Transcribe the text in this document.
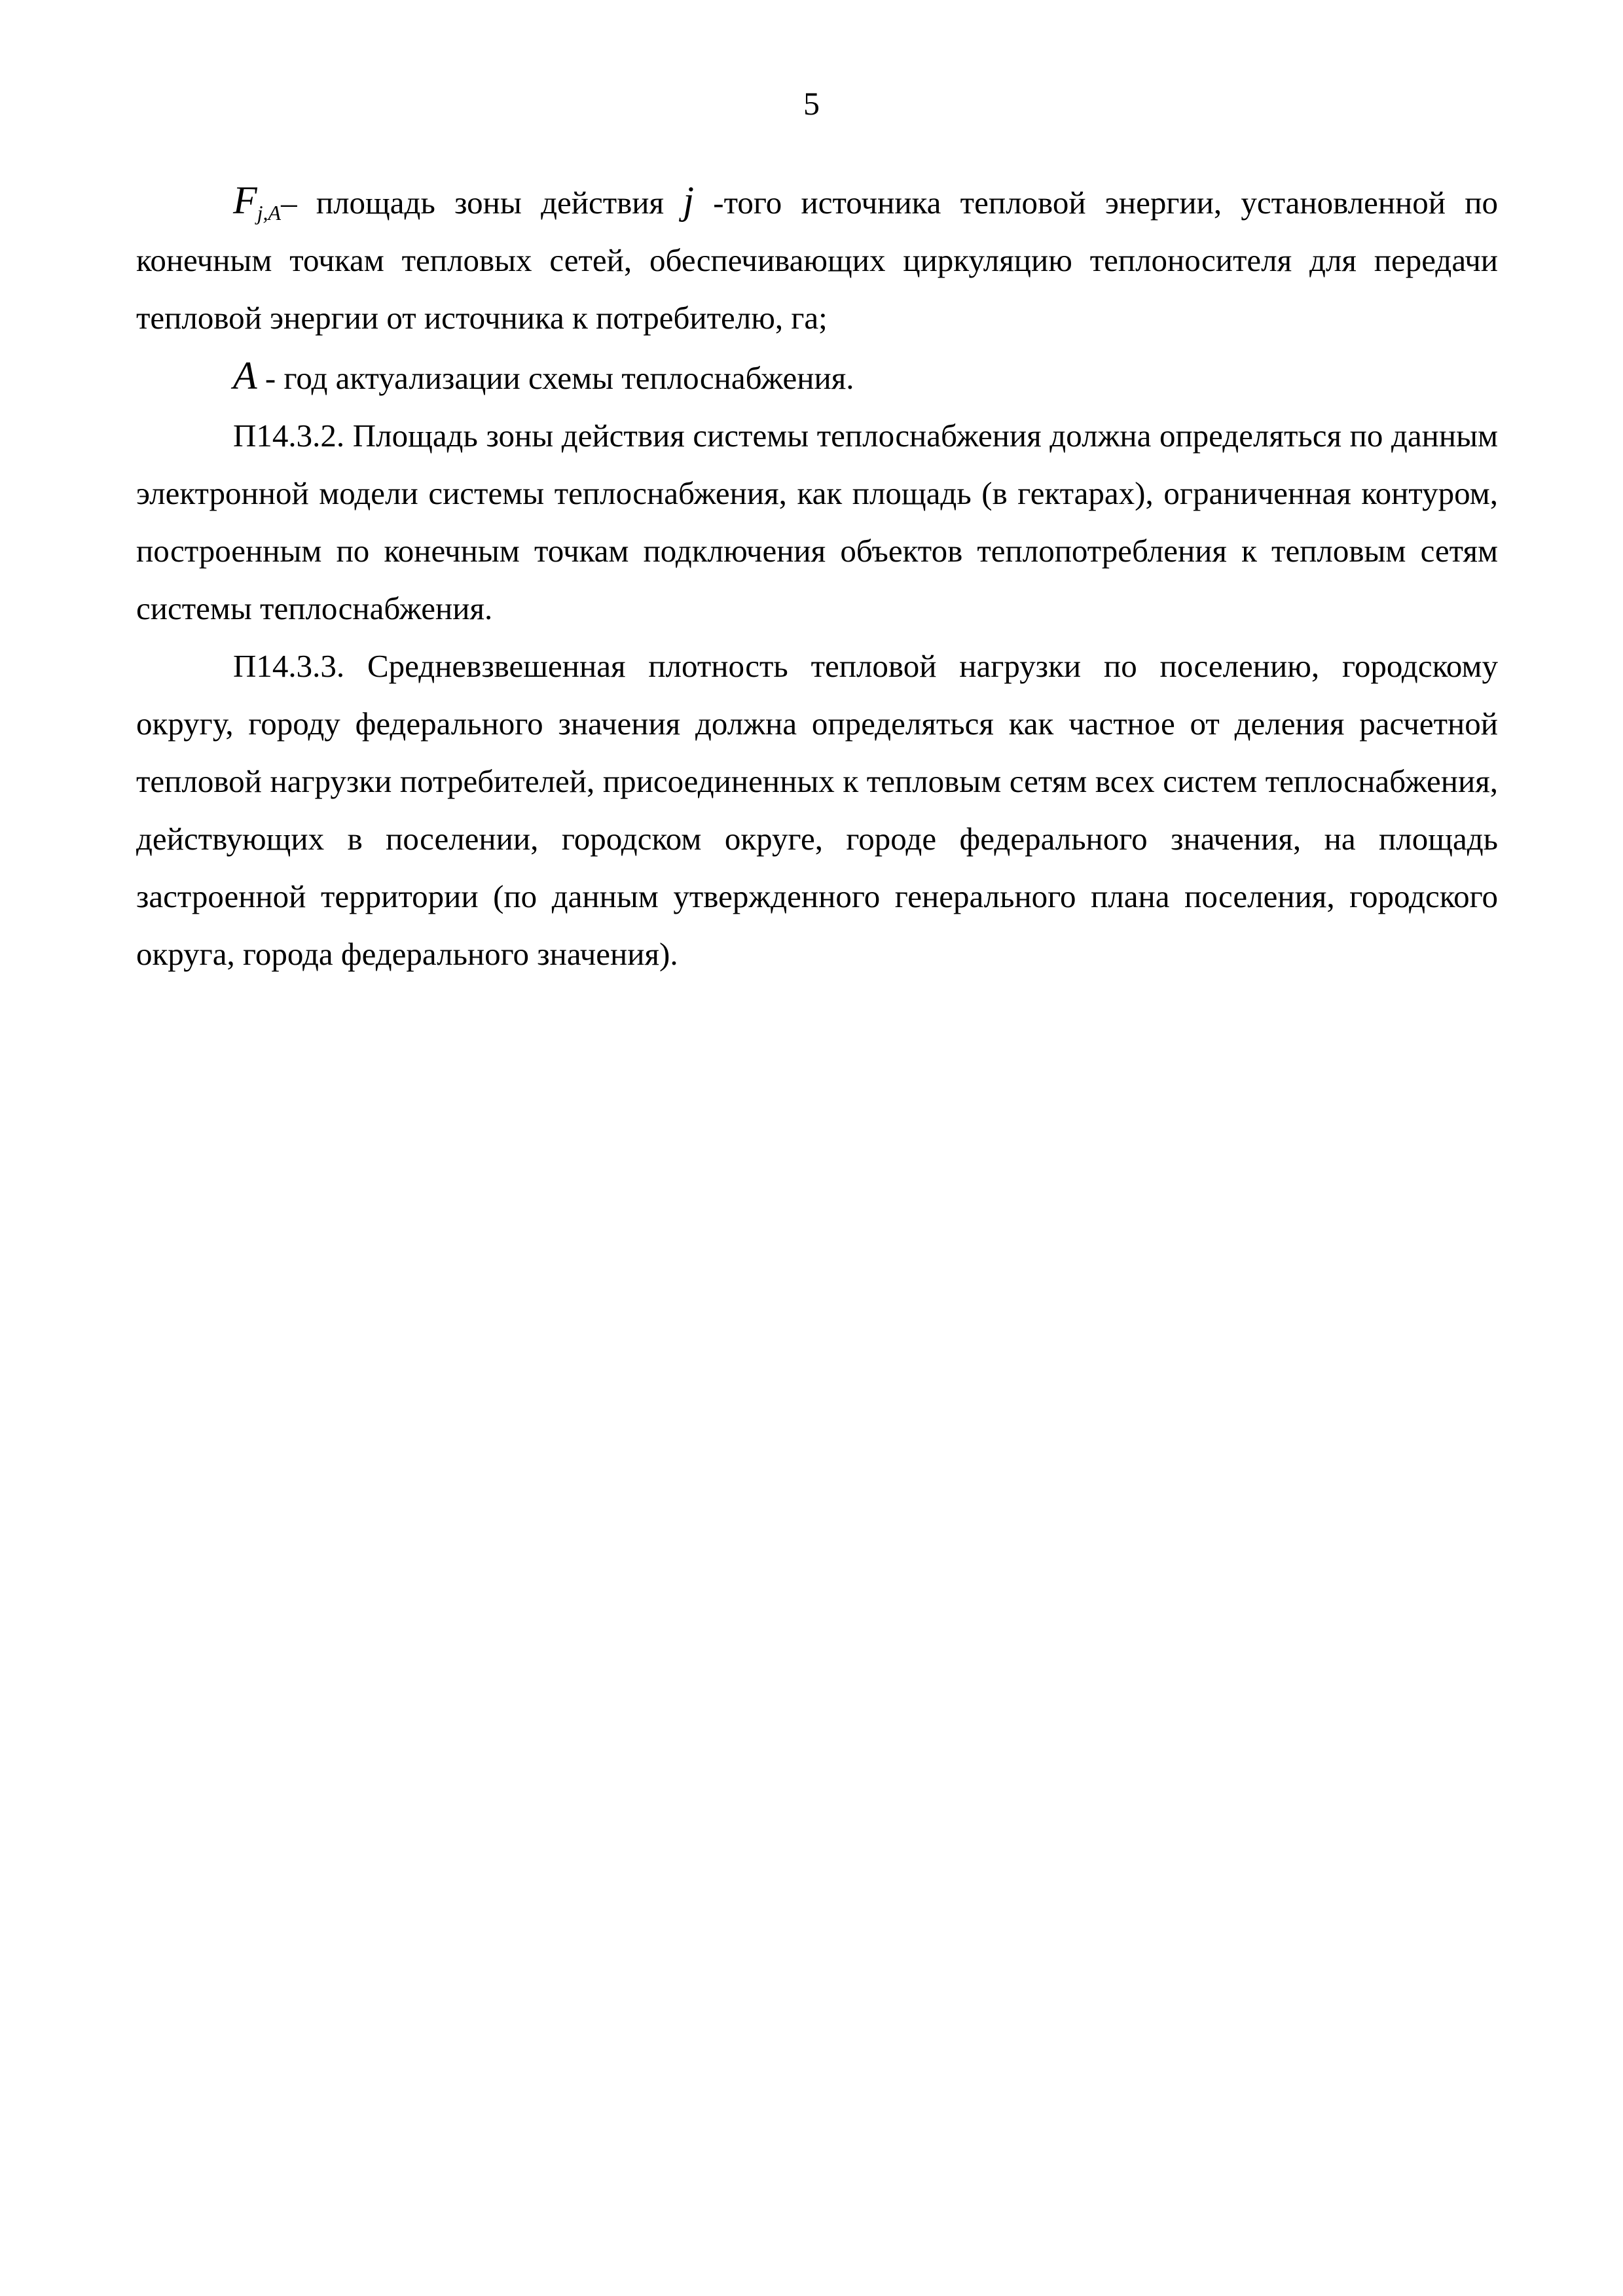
5

$F_{j,A}-$ площадь зоны действия j -того источника тепловой энергии, установленной по конечным точкам тепловых сетей, обеспечивающих циркуляцию теплоносителя для передачи тепловой энергии от источника к потребителю, га;

A - год актуализации схемы теплоснабжения.

П14.3.2. Площадь зоны действия системы теплоснабжения должна определяться по данным электронной модели системы теплоснабжения, как площадь (в гектарах), ограниченная контуром, построенным по конечным точкам подключения объектов теплопотребления к тепловым сетям системы теплоснабжения.

П14.3.3. Средневзвешенная плотность тепловой нагрузки по поселению, городскому округу, городу федерального значения должна определяться как частное от деления расчетной тепловой нагрузки потребителей, присоединенных к тепловым сетям всех систем теплоснабжения, действующих в поселении, городском округе, городе федерального значения, на площадь застроенной территории (по данным утвержденного генерального плана поселения, городского округа, города федерального значения).
